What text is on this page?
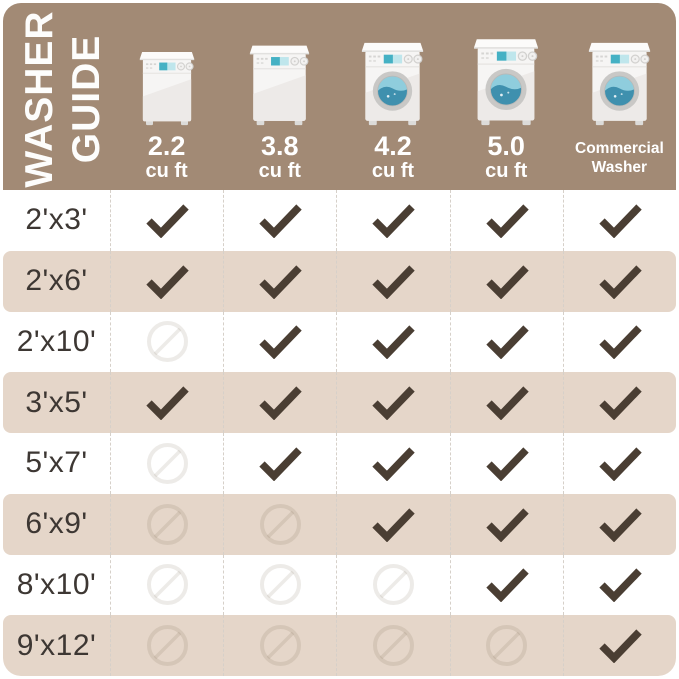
WASHER GUIDE 2.2
cu ft
3.8
cu ft
4.2
cu ft
5.0
cu ft
Commercial
Washer
2'x3'
2'x6'
2'x10'
3'x5'
5'x7'
6'x9'
8'x10'
9'x12'
